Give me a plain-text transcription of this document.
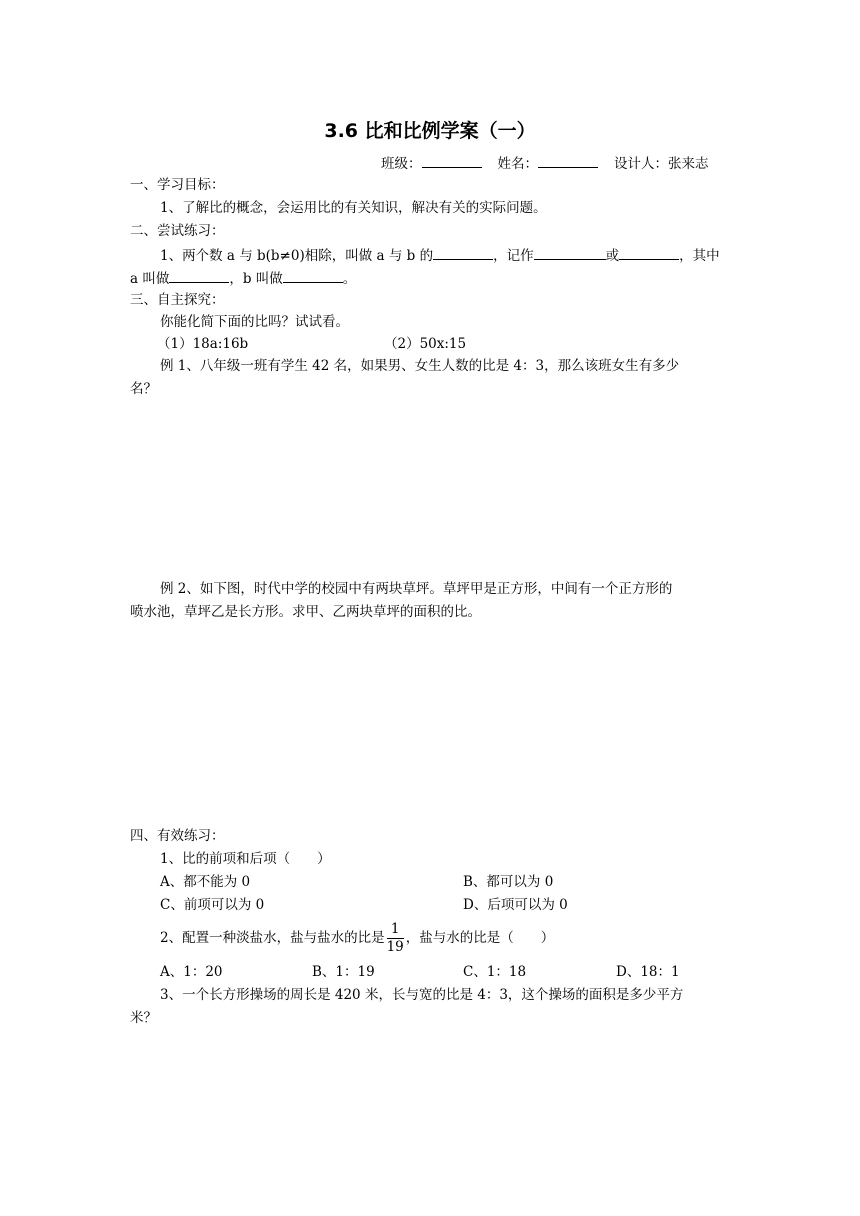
3.6 比和比例学案（一）
班级：	姓名：	设计人：张来志
一、学习目标：
1、了解比的概念，会运用比的有关知识，解决有关的实际问题。
二、尝试练习：
1、两个数 a 与 b(b≠0)相除，叫做 a 与 b 的	，记作	或	，其中
a 叫做	，b 叫做	。
三、自主探究：
你能化简下面的比吗？试试看。
（1）18a:16b	（2）50x:15
例 1、八年级一班有学生 42 名，如果男、女生人数的比是 4：3，那么该班女生有多少
名？
例 2、如下图，时代中学的校园中有两块草坪。草坪甲是正方形，中间有一个正方形的
喷水池，草坪乙是长方形。求甲、乙两块草坪的面积的比。
四、有效练习：
1、比的前项和后项（　　）
A、都不能为 0	B、都可以为 0
C、前项可以为 0	D、后项可以为 0
2、配置一种淡盐水，盐与盐水的比是 $\frac{1}{19}$ ，盐与水的比是（　　）
A、1：20	B、1：19	C、1：18	D、18：1
3、一个长方形操场的周长是 420 米，长与宽的比是 4：3，这个操场的面积是多少平方
米？
